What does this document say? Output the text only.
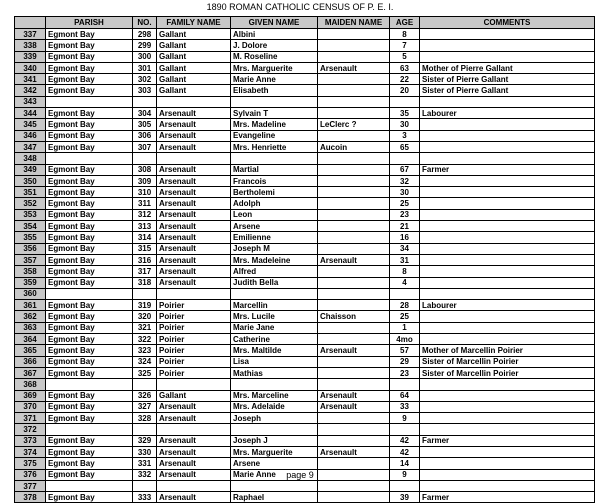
1890 ROMAN CATHOLIC CENSUS OF P. E. I.
	PARISH	NO.	FAMILY NAME	GIVEN NAME	MAIDEN NAME	AGE	COMMENTS
337	Egmont Bay	298	Gallant	Albini		8	
338	Egmont Bay	299	Gallant	J. Dolore		7	
339	Egmont Bay	300	Gallant	M. Roseline		5	
340	Egmont Bay	301	Gallant	Mrs. Marguerite	Arsenault	63	Mother of Pierre Gallant
341	Egmont Bay	302	Gallant	Marie Anne		22	Sister of Pierre Gallant
342	Egmont Bay	303	Gallant	Elisabeth		20	Sister of Pierre Gallant
343							
344	Egmont Bay	304	Arsenault	Sylvain T		35	Labourer
345	Egmont Bay	305	Arsenault	Mrs. Madeline	LeClerc ?	30	
346	Egmont Bay	306	Arsenault	Evangeline		3	
347	Egmont Bay	307	Arsenault	Mrs. Henriette	Aucoin	65	
348							
349	Egmont Bay	308	Arsenault	Martial		67	Farmer
350	Egmont Bay	309	Arsenault	Francois		32	
351	Egmont Bay	310	Arsenault	Bertholemi		30	
352	Egmont Bay	311	Arsenault	Adolph		25	
353	Egmont Bay	312	Arsenault	Leon		23	
354	Egmont Bay	313	Arsenault	Arsene		21	
355	Egmont Bay	314	Arsenault	Emilienne		16	
356	Egmont Bay	315	Arsenault	Joseph M		34	
357	Egmont Bay	316	Arsenault	Mrs. Madeleine	Arsenault	31	
358	Egmont Bay	317	Arsenault	Alfred		8	
359	Egmont Bay	318	Arsenault	Judith Bella		4	
360							
361	Egmont Bay	319	Poirier	Marcellin		28	Labourer
362	Egmont Bay	320	Poirier	Mrs. Lucile	Chaisson	25	
363	Egmont Bay	321	Poirier	Marie Jane		1	
364	Egmont Bay	322	Poirier	Catherine		4mo	
365	Egmont Bay	323	Poirier	Mrs. Maltilde	Arsenault	57	Mother of Marcellin Poirier
366	Egmont Bay	324	Poirier	Lisa		29	Sister of Marcellin Poirier
367	Egmont Bay	325	Poirier	Mathias		23	Sister of Marcellin Poirier
368							
369	Egmont Bay	326	Gallant	Mrs. Marceline	Arsenault	64	
370	Egmont Bay	327	Arsenault	Mrs. Adelaide	Arsenault	33	
371	Egmont Bay	328	Arsenault	Joseph		9	
372							
373	Egmont Bay	329	Arsenault	Joseph J		42	Farmer
374	Egmont Bay	330	Arsenault	Mrs. Marguerite	Arsenault	42	
375	Egmont Bay	331	Arsenault	Arsene		14	
376	Egmont Bay	332	Arsenault	Marie Anne		9	
377							
378	Egmont Bay	333	Arsenault	Raphael		39	Farmer
page 9
